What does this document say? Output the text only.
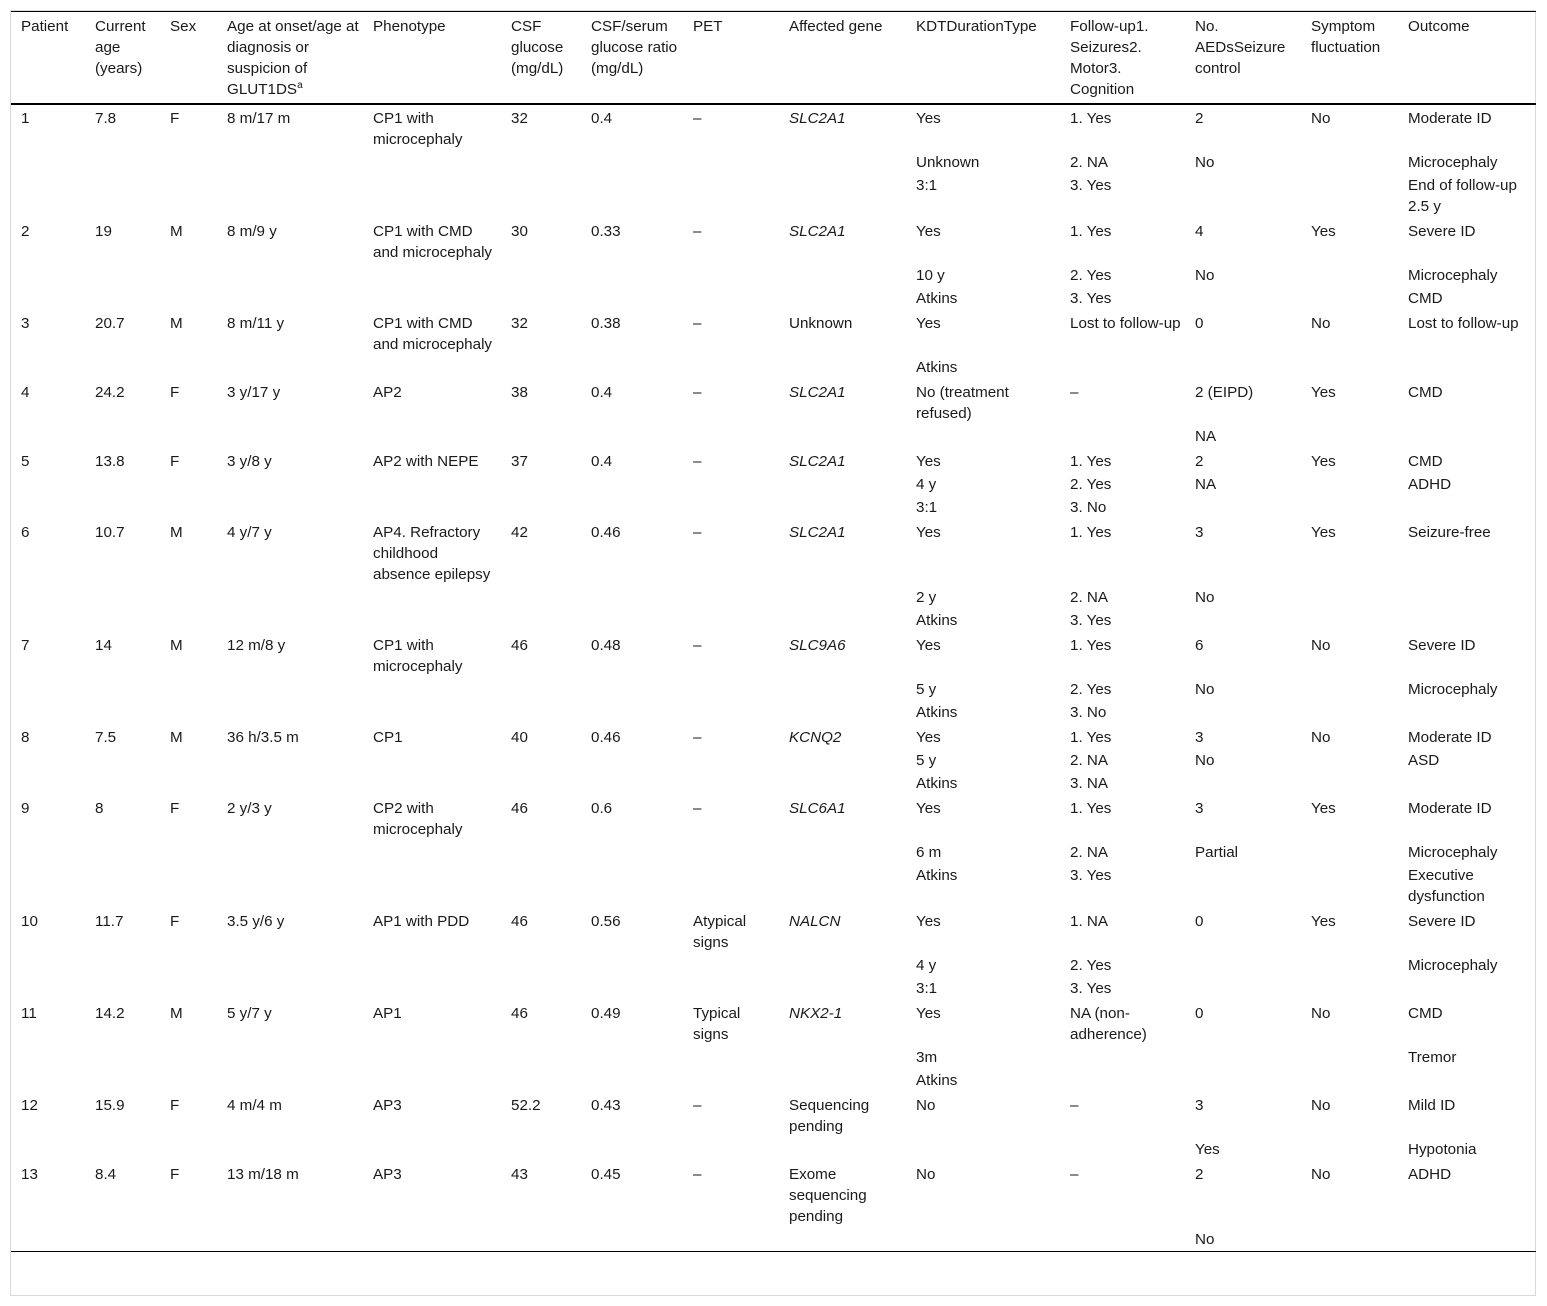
Patient	Current age (years)	Sex	Age at onset/age at diagnosis or suspicion of $GLUT1DS^a$	Phenotype	CSF glucose (mg/dL)	CSF/serum glucose ratio (mg/dL)	PET	Affected gene	KDTDurationType	Follow-up1. Seizures2. Motor3. Cognition	No. AEDsSeizure control	Symptom fluctuation	Outcome
1	7.8	F	8 m/17 m	CP1 with microcephaly	32	0.4	–	SLC2A1	Yes	1. Yes	2	No	Moderate ID
									Unknown	2. NA	No		Microcephaly
									3:1	3. Yes			End of follow-up 2.5 y
2	19	M	8 m/9 y	CP1 with CMD and microcephaly	30	0.33	–	SLC2A1	Yes	1. Yes	4	Yes	Severe ID
									10 y	2. Yes	No		Microcephaly
									Atkins	3. Yes			CMD
3	20.7	M	8 m/11 y	CP1 with CMD and microcephaly	32	0.38	–	Unknown	Yes	Lost to follow-up	0	No	Lost to follow-up
									Atkins				
4	24.2	F	3 y/17 y	AP2	38	0.4	–	SLC2A1	No (treatment refused)	–	2 (EIPD)	Yes	CMD
											NA		
5	13.8	F	3 y/8 y	AP2 with NEPE	37	0.4	–	SLC2A1	Yes	1. Yes	2	Yes	CMD
									4 y	2. Yes	NA		ADHD
									3:1	3. No			
6	10.7	M	4 y/7 y	AP4. Refractory childhood absence epilepsy	42	0.46	–	SLC2A1	Yes	1. Yes	3	Yes	Seizure-free
									2 y	2. NA	No		
									Atkins	3. Yes			
7	14	M	12 m/8 y	CP1 with microcephaly	46	0.48	–	SLC9A6	Yes	1. Yes	6	No	Severe ID
									5 y	2. Yes	No		Microcephaly
									Atkins	3. No			
8	7.5	M	36 h/3.5 m	CP1	40	0.46	–	KCNQ2	Yes	1. Yes	3	No	Moderate ID
									5 y	2. NA	No		ASD
									Atkins	3. NA			
9	8	F	2 y/3 y	CP2 with microcephaly	46	0.6	–	SLC6A1	Yes	1. Yes	3	Yes	Moderate ID
									6 m	2. NA	Partial		Microcephaly
									Atkins	3. Yes			Executive dysfunction
10	11.7	F	3.5 y/6 y	AP1 with PDD	46	0.56	Atypical signs	NALCN	Yes	1. NA	0	Yes	Severe ID
									4 y	2. Yes			Microcephaly
									3:1	3. Yes			
11	14.2	M	5 y/7 y	AP1	46	0.49	Typical signs	NKX2-1	Yes	NA (non-adherence)	0	No	CMD
									3m				Tremor
									Atkins				
12	15.9	F	4 m/4 m	AP3	52.2	0.43	–	Sequencing pending	No	–	3	No	Mild ID
											Yes		Hypotonia
13	8.4	F	13 m/18 m	AP3	43	0.45	–	Exome sequencing pending	No	–	2	No	ADHD
											No		
